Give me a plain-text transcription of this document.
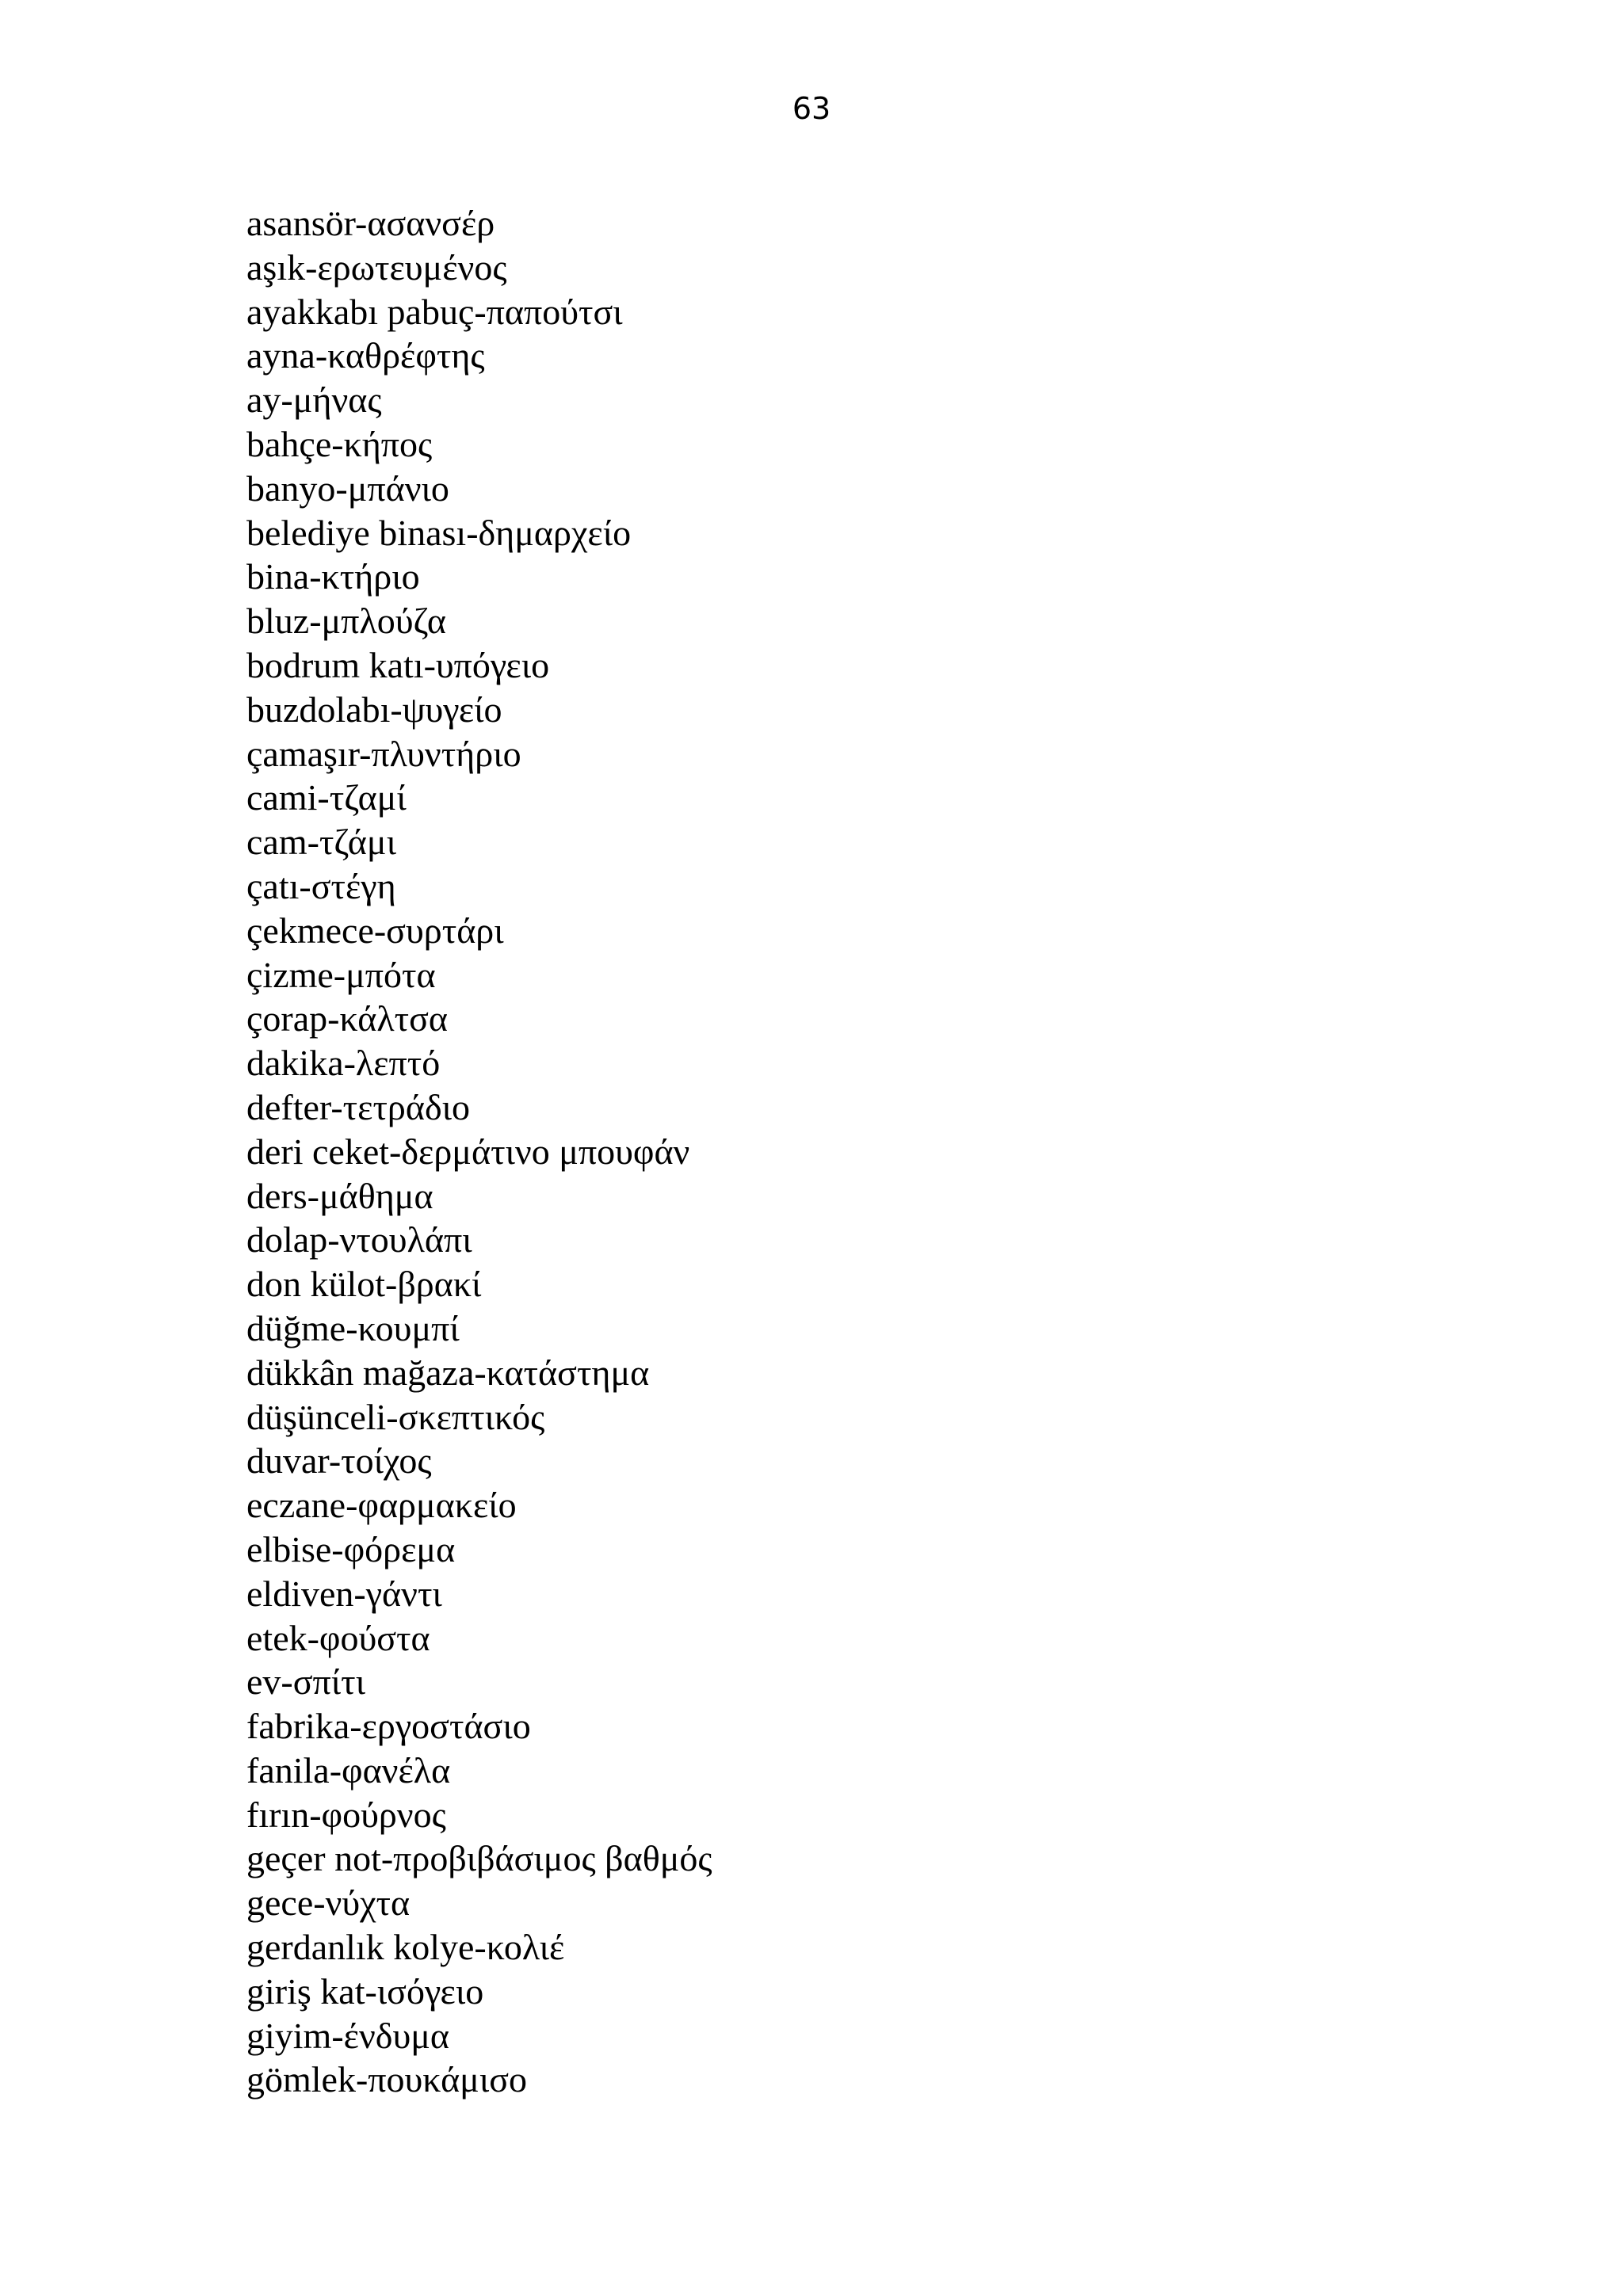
63
asansör-ασανσέρ
aşık-ερωτευμένος
ayakkabı pabuç-παπούτσι
ayna-καθρέφτης
ay-μήνας
bahçe-κήπος
banyo-μπάνιο
belediye binası-δημαρχείο
bina-κτήριο
bluz-μπλούζα
bodrum katı-υπόγειο
buzdolabı-ψυγείο
çamaşır-πλυντήριο
cami-τζαμί
cam-τζάμι
çatı-στέγη
çekmece-συρτάρι
çizme-μπότα
çorap-κάλτσα
dakika-λεπτό
defter-τετράδιο
deri ceket-δερμάτινο μπουφάν
ders-μάθημα
dolap-ντουλάπι
don külot-βρακί
düğme-κουμπί
dükkân mağaza-κατάστημα
düşünceli-σκεπτικός
duvar-τοίχος
eczane-φαρμακείο
elbise-φόρεμα
eldiven-γάντι
etek-φούστα
ev-σπίτι
fabrika-εργοστάσιο
fanila-φανέλα
fırın-φούρνος
geçer not-προβιβάσιμος βαθμός
gece-νύχτα
gerdanlık kolye-κολιέ
giriş kat-ισόγειο
giyim-ένδυμα
gömlek-πουκάμισο
